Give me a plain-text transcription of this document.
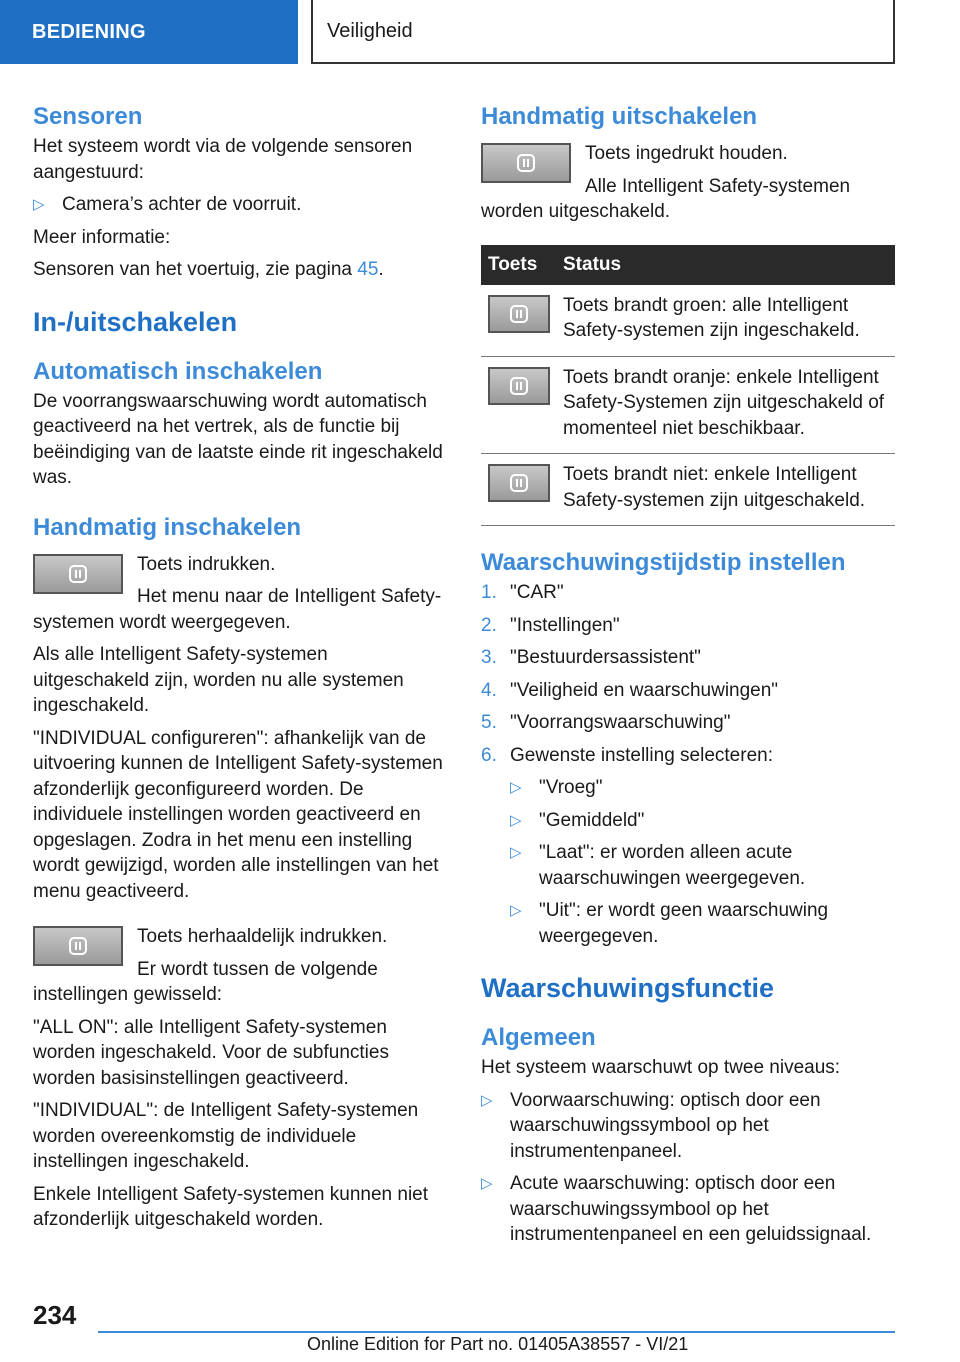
BEDIENING	Veiligheid
Sensoren

Het systeem wordt via de volgende sensoren aangestuurd:

▷ Camera’s achter de voorruit.

Meer informatie:

Sensoren van het voertuig, zie pagina 45.

In-/uitschakelen
Automatisch inschakelen

De voorrangswaarschuwing wordt automatisch geactiveerd na het vertrek, als de functie bij beëindiging van de laatste einde rit ingeschakeld was.

Handmatig inschakelen

Toets indrukken.

Het menu naar de Intelligent Safety-systemen wordt weergegeven.

Als alle Intelligent Safety-systemen uitgeschakeld zijn, worden nu alle systemen ingeschakeld.

"INDIVIDUAL configureren": afhankelijk van de uitvoering kunnen de Intelligent Safety-systemen afzonderlijk geconfigureerd worden. De individuele instellingen worden geactiveerd en opgeslagen. Zodra in het menu een instelling wordt gewijzigd, worden alle instellingen van het menu geactiveerd.

Toets herhaaldelijk indrukken.

Er wordt tussen de volgende instellingen gewisseld:

"ALL ON": alle Intelligent Safety-systemen worden ingeschakeld. Voor de subfuncties worden basisinstellingen geactiveerd.

"INDIVIDUAL": de Intelligent Safety-systemen worden overeenkomstig de individuele instellingen ingeschakeld.

Enkele Intelligent Safety-systemen kunnen niet afzonderlijk uitgeschakeld worden.

Handmatig uitschakelen

Toets ingedrukt houden.

Alle Intelligent Safety-systemen worden uitgeschakeld.

Toets	Status

	Toets brandt groen: alle Intelligent Safety-systemen zijn ingeschakeld.

	Toets brandt oranje: enkele Intelligent Safety-Systemen zijn uitgeschakeld of momenteel niet beschikbaar.

	Toets brandt niet: enkele Intelligent Safety-systemen zijn uitgeschakeld.
Waarschuwingstijdstip instellen
1. "CAR"
2. "Instellingen"
3. "Bestuurdersassistent"
4. "Veiligheid en waarschuwingen"
5. "Voorrangswaarschuwing"
6. Gewenste instelling selecteren:
▷ "Vroeg"
▷ "Gemiddeld"
▷ "Laat": er worden alleen acute waarschuwingen weergegeven.
▷ "Uit": er wordt geen waarschuwing weergegeven.
Waarschuwingsfunctie
Algemeen

Het systeem waarschuwt op twee niveaus:

▷ Voorwaarschuwing: optisch door een waarschuwingssymbool op het instrumentenpaneel.
▷ Acute waarschuwing: optisch door een waarschuwingssymbool op het instrumentenpaneel en een geluidssignaal.
234
Online Edition for Part no. 01405A38557 - VI/21
